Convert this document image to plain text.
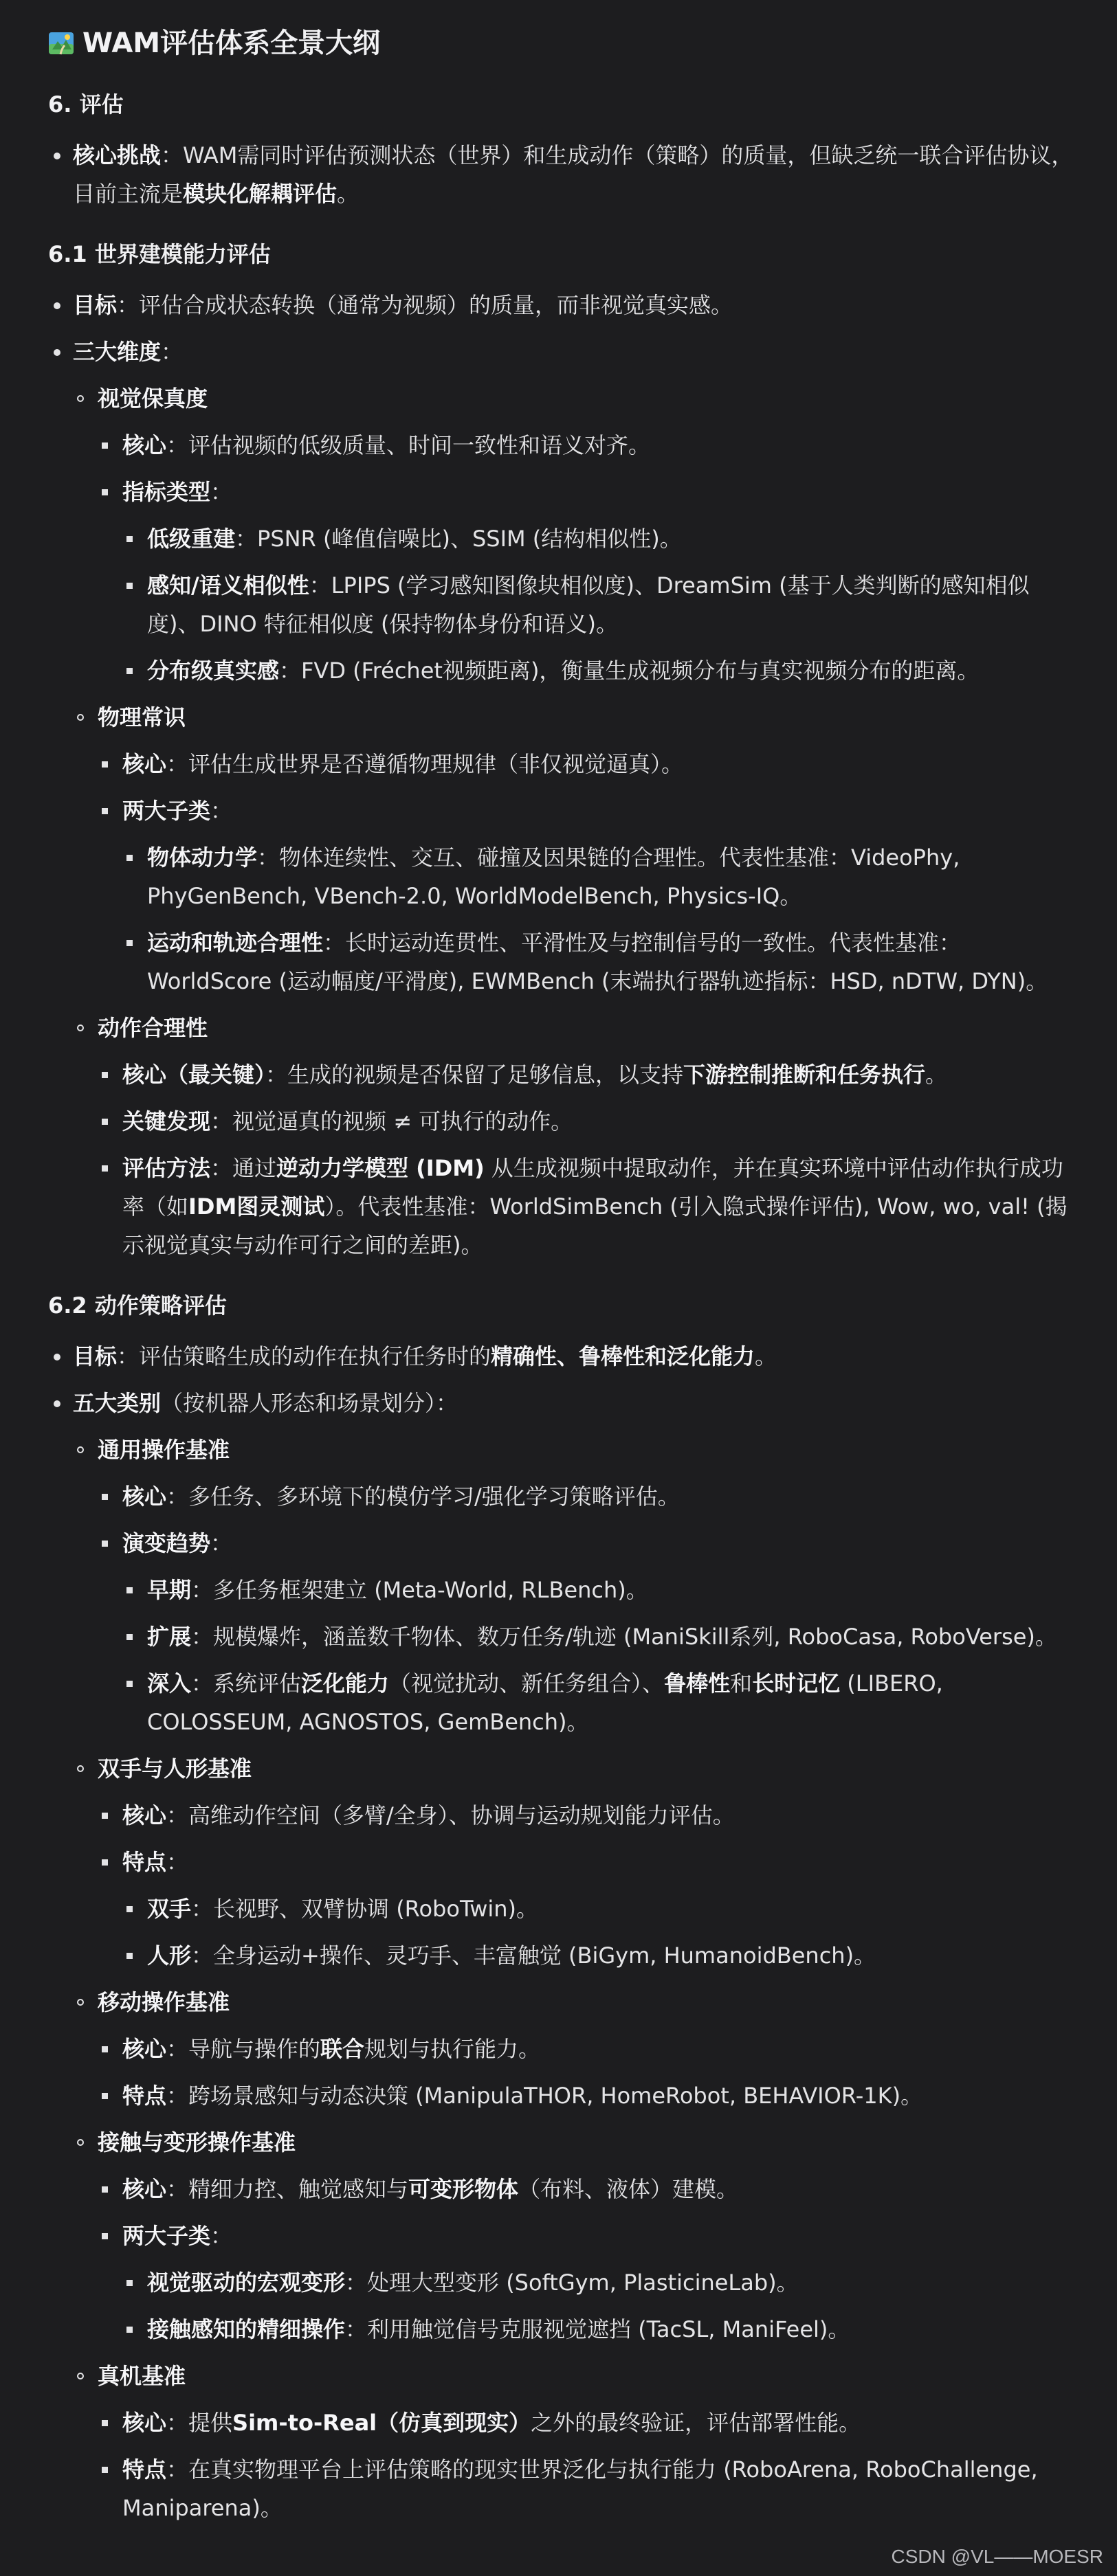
WAM评估体系全景大纲
6. 评估
核心挑战：WAM需同时评估预测状态（世界）和生成动作（策略）的质量，但缺乏统一联合评估协议，目前主流是模块化解耦评估。
6.1 世界建模能力评估
目标：评估合成状态转换（通常为视频）的质量，而非视觉真实感。
三大维度：
视觉保真度
核心：评估视频的低级质量、时间一致性和语义对齐。
指标类型：
低级重建：PSNR (峰值信噪比)、SSIM (结构相似性)。
感知/语义相似性：LPIPS (学习感知图像块相似度)、DreamSim (基于人类判断的感知相似度)、DINO 特征相似度 (保持物体身份和语义)。
分布级真实感：FVD (Fréchet视频距离)，衡量生成视频分布与真实视频分布的距离。
物理常识
核心：评估生成世界是否遵循物理规律（非仅视觉逼真）。
两大子类：
物体动力学：物体连续性、交互、碰撞及因果链的合理性。代表性基准：VideoPhy, PhyGenBench, VBench-2.0, WorldModelBench, Physics-IQ。
运动和轨迹合理性：长时运动连贯性、平滑性及与控制信号的一致性。代表性基准：WorldScore (运动幅度/平滑度), EWMBench (末端执行器轨迹指标：HSD, nDTW, DYN)。
动作合理性
核心（最关键）：生成的视频是否保留了足够信息，以支持下游控制推断和任务执行。
关键发现：视觉逼真的视频 ≠ 可执行的动作。
评估方法：通过逆动力学模型 (IDM) 从生成视频中提取动作，并在真实环境中评估动作执行成功率（如IDM图灵测试）。代表性基准：WorldSimBench (引入隐式操作评估), Wow, wo, val! (揭示视觉真实与动作可行之间的差距)。
6.2 动作策略评估
目标：评估策略生成的动作在执行任务时的精确性、鲁棒性和泛化能力。
五大类别（按机器人形态和场景划分）：
通用操作基准
核心：多任务、多环境下的模仿学习/强化学习策略评估。
演变趋势：
早期：多任务框架建立 (Meta-World, RLBench)。
扩展：规模爆炸，涵盖数千物体、数万任务/轨迹 (ManiSkill系列, RoboCasa, RoboVerse)。
深入：系统评估泛化能力（视觉扰动、新任务组合）、鲁棒性和长时记忆 (LIBERO, COLOSSEUM, AGNOSTOS, GemBench)。
双手与人形基准
核心：高维动作空间（多臂/全身）、协调与运动规划能力评估。
特点：
双手：长视野、双臂协调 (RoboTwin)。
人形：全身运动+操作、灵巧手、丰富触觉 (BiGym, HumanoidBench)。
移动操作基准
核心：导航与操作的联合规划与执行能力。
特点：跨场景感知与动态决策 (ManipulaTHOR, HomeRobot, BEHAVIOR-1K)。
接触与变形操作基准
核心：精细力控、触觉感知与可变形物体（布料、液体）建模。
两大子类：
视觉驱动的宏观变形：处理大型变形 (SoftGym, PlasticineLab)。
接触感知的精细操作：利用触觉信号克服视觉遮挡 (TacSL, ManiFeel)。
真机基准
核心：提供Sim-to-Real（仿真到现实）之外的最终验证，评估部署性能。
特点：在真实物理平台上评估策略的现实世界泛化与执行能力 (RoboArena, RoboChallenge, Maniparena)。
CSDN @VL——MOESR
